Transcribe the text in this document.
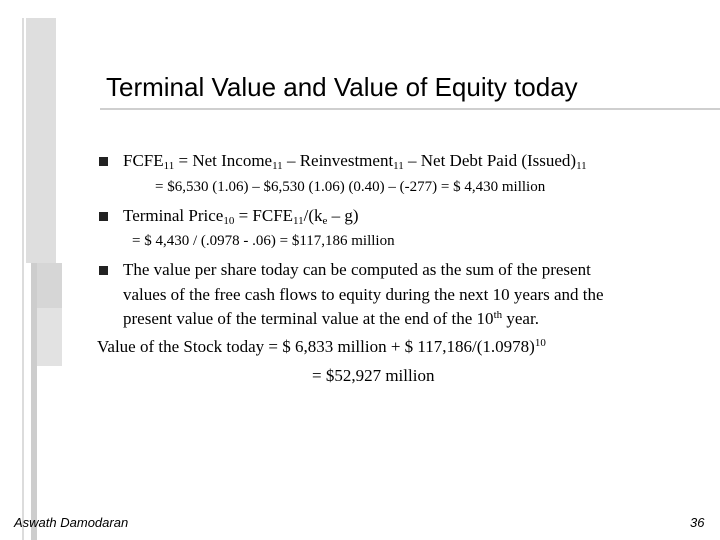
Terminal Value and Value of Equity today
$FCFE_{11}$ = Net Income$_{11}$ – Reinvestment$_{11}$ – Net Debt Paid $(Issued)_{11}$
= $6,530 (1.06) – $6,530 (1.06) (0.40) – (-277) = $ 4,430 million
Terminal Price$_{10}$ = $FCFE_{11}/(k_e - g)$
= $ 4,430 / (.0978 - .06) = $117,186 million
The value per share today can be computed as the sum of the present
values of the free cash flows to equity during the next 10 years and the
present value of the terminal value at the end of the 10th year.
Value of the Stock today = $ 6,833 million + $ $117,186/(1.0978)^{10}$
= $52,927 million
Aswath Damodaran	36
